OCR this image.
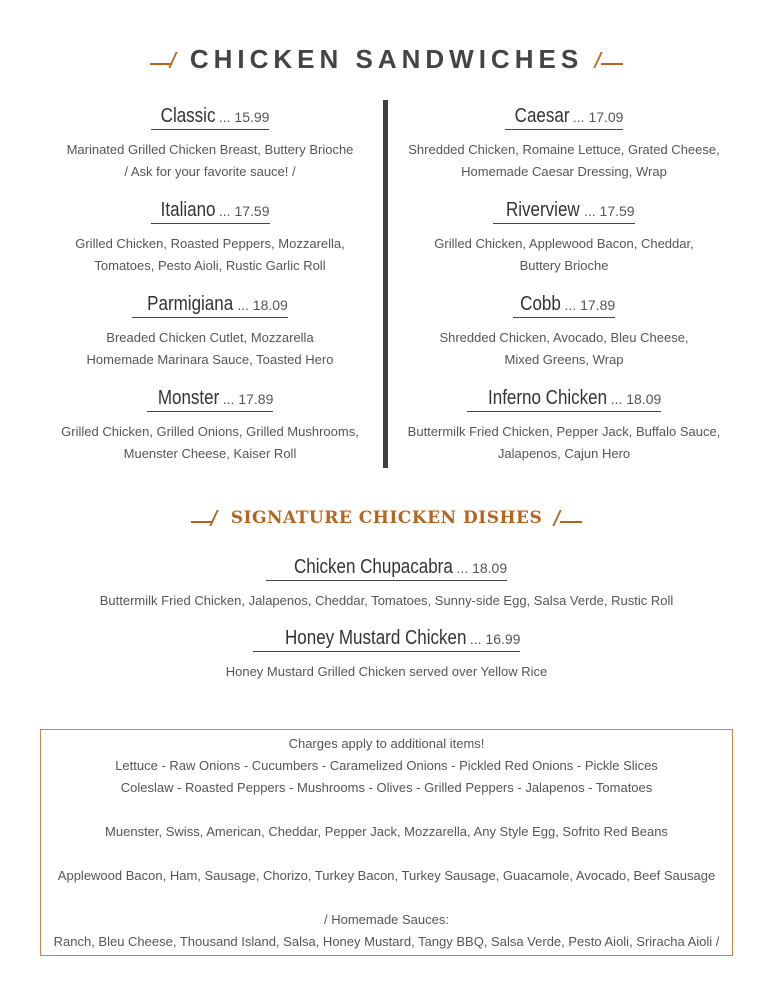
CHICKEN SANDWICHES
Classic ... 15.99
Marinated Grilled Chicken Breast, Buttery Brioche
/ Ask for your favorite sauce! /
Italiano ... 17.59
Grilled Chicken, Roasted Peppers, Mozzarella,
Tomatoes, Pesto Aioli, Rustic Garlic Roll
Parmigiana ... 18.09
Breaded Chicken Cutlet, Mozzarella
Homemade Marinara Sauce, Toasted Hero
Monster ... 17.89
Grilled Chicken, Grilled Onions, Grilled Mushrooms,
Muenster Cheese, Kaiser Roll
Caesar ... 17.09
Shredded Chicken, Romaine Lettuce, Grated Cheese,
Homemade Caesar Dressing, Wrap
Riverview ... 17.59
Grilled Chicken, Applewood Bacon, Cheddar,
Buttery Brioche
Cobb ... 17.89
Shredded Chicken, Avocado, Bleu Cheese,
Mixed Greens, Wrap
Inferno Chicken ... 18.09
Buttermilk Fried Chicken, Pepper Jack, Buffalo Sauce,
Jalapenos, Cajun Hero
SIGNATURE CHICKEN DISHES
Chicken Chupacabra ... 18.09
Buttermilk Fried Chicken, Jalapenos, Cheddar, Tomatoes, Sunny-side Egg, Salsa Verde, Rustic Roll
Honey Mustard Chicken ... 16.99
Honey Mustard Grilled Chicken served over Yellow Rice
Charges apply to additional items!
Lettuce - Raw Onions - Cucumbers - Caramelized Onions - Pickled Red Onions - Pickle Slices
Coleslaw - Roasted Peppers - Mushrooms - Olives - Grilled Peppers - Jalapenos - Tomatoes
Muenster, Swiss, American, Cheddar, Pepper Jack, Mozzarella, Any Style Egg, Sofrito Red Beans
Applewood Bacon, Ham, Sausage, Chorizo, Turkey Bacon, Turkey Sausage, Guacamole, Avocado, Beef Sausage
/ Homemade Sauces:
Ranch, Bleu Cheese, Thousand Island, Salsa, Honey Mustard, Tangy BBQ, Salsa Verde, Pesto Aioli, Sriracha Aioli /
